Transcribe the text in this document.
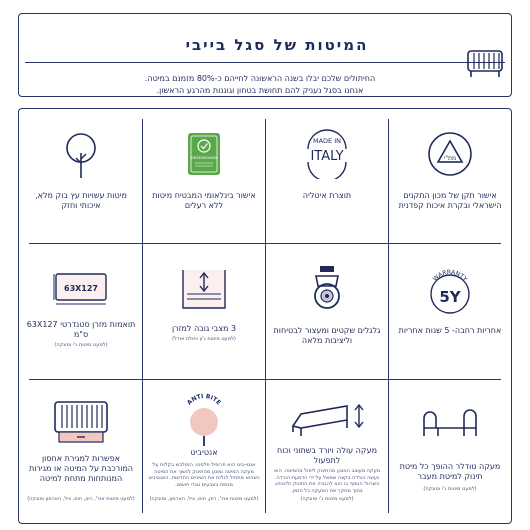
המיטות של סגל בייבי
החיתולים שלכם יבלו בשנה הראשונה לחייהם כ-80% מזמנם במיטה.
אנחנו בסגל נעניק להם תחושת בטחון וגוננות מהרגע הראשון.
מת"י
אישור תקן של מכון התקנים הישראלי ובקרת איכות קפדנית
MADE IN
ITALY
תוצרת איטליה
GREENGUARD
אישור בינלאומי המבטיח מיטות ללא רעלים
מיטות עשויות עץ בוק מלא, איכותי וחזק
WARRANTY
5Y
אחריות רחבה- 5 שנות אחריות
גלגלים שקטים ומעצור לבטיחות וליציבות מלאה
3 מצבי גובה למזרן
(למעט מיטות ג'ון וחולס אודל)
63X127
תואמות מזרן סטנדרטי 63X127 ס"מ
(למעט מיטות ג'י ומונקה)
מעקה טודלר ההופך כל מיטת תינוק למיטת מעבר
(למעט מיטות ג'י ומונקה)
מעקה עולה ויורד בשתוני וכוח לתפעול
מעקה מעוצב המונע מהתינוק ליפול מהמיטה. הוא נעשה הורדה בקצה שמאל על ידי הדמעת הורדה. השרוול הנוסף בו הוא להגביה את התינוק ולהניחו, בתוך מחקר את המעקה כל הזמן.
(למעט מיטות ג'י ומונקה)
ANTI BITE
אנטיביט
אנטי-ביט הוא פרופיל פלסטי, המולבש בקלות על מעקה המיטה ומונע מהתינוק לנשוך את המיטה כשהוא מתחיל לגלות את השיניים החדשות. האנטיביט מנופח בצבעים נוגדי חושים.
(למעט מיטות אוד', רוזן, חוס, וויל, הארמון, ומונקה)
אפשרות למגירת אחסון המורכבת על המיטה או מגירות המנותחות מתחת למיטה
(למעט מיטות אוד', רוזן, חוס, וויל, הארמון ומונקה)
